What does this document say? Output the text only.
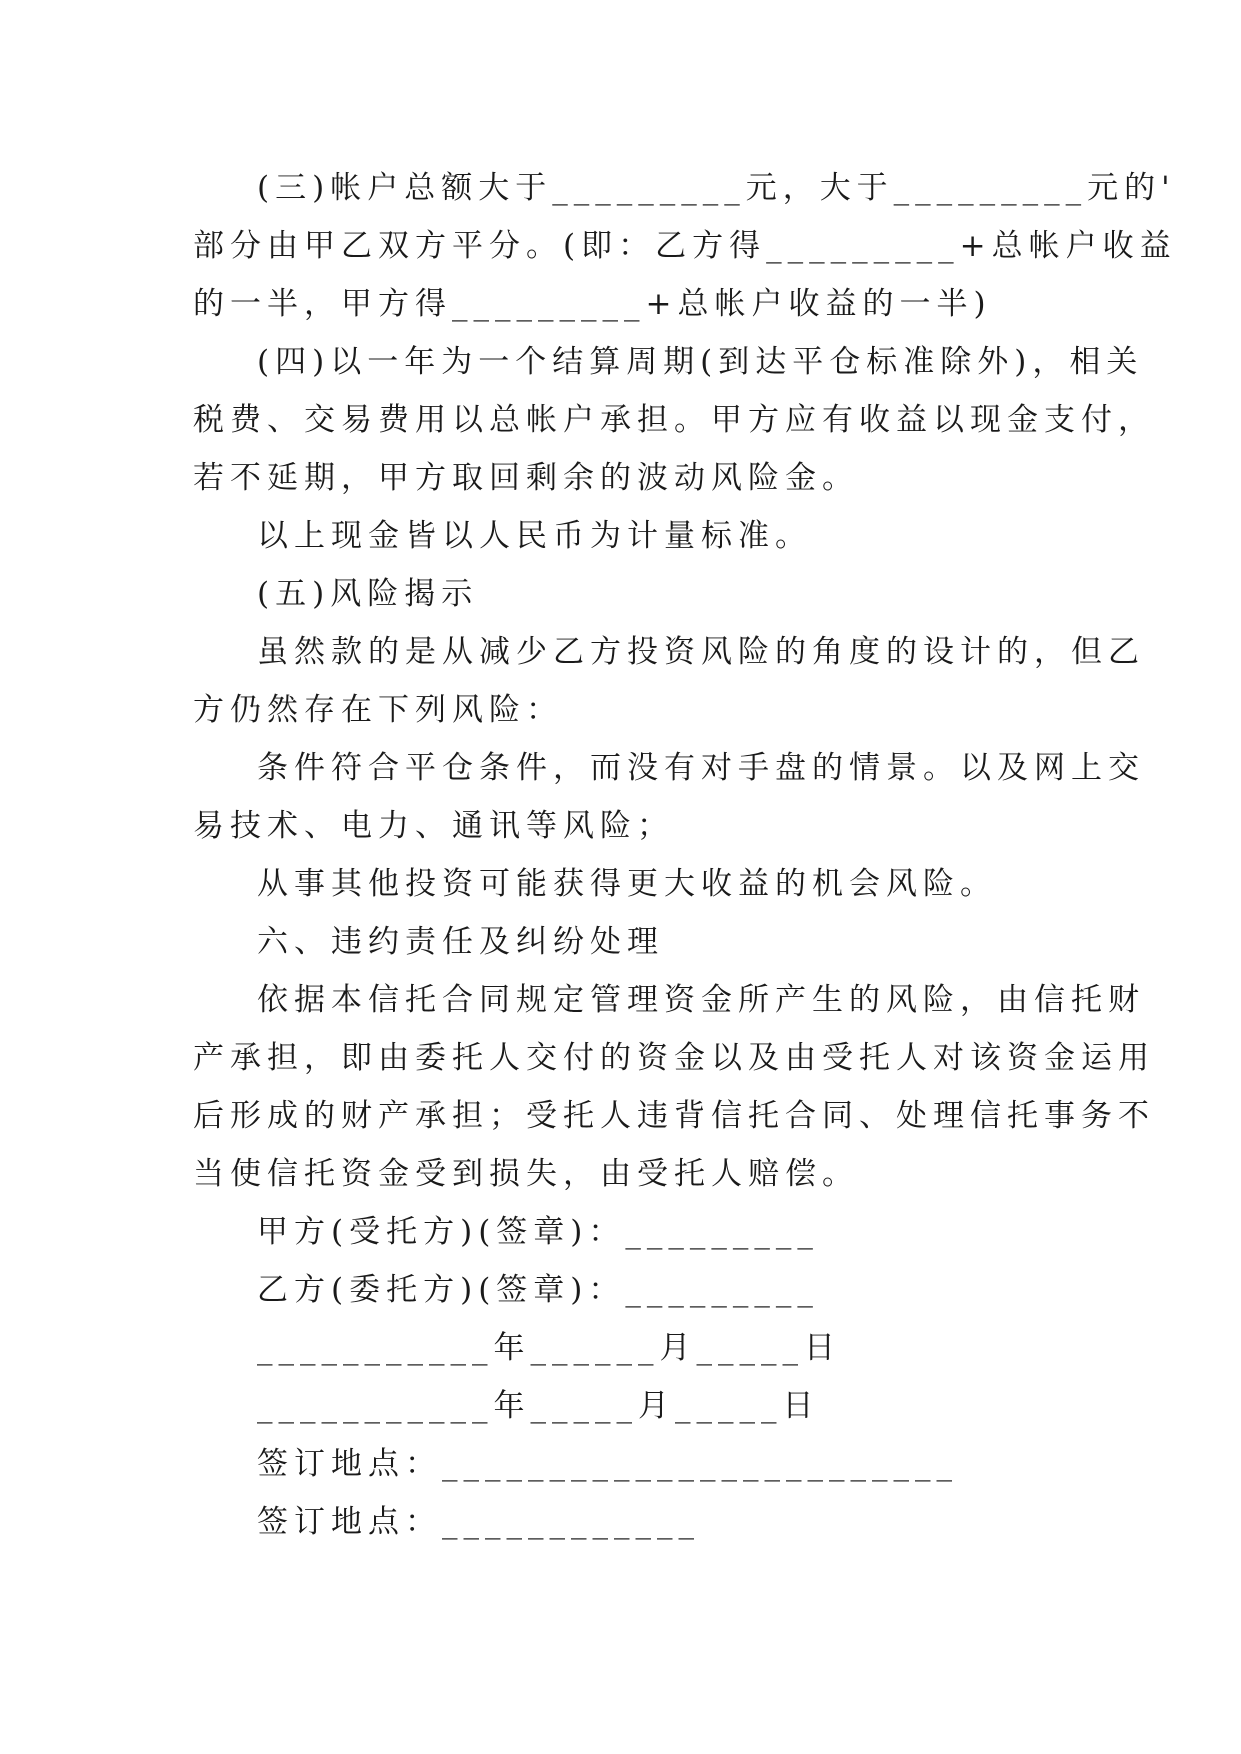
(三)帐户总额大于_________元，大于_________元的'
部分由甲乙双方平分。(即：乙方得_________+总帐户收益
的一半，甲方得_________+总帐户收益的一半)
(四)以一年为一个结算周期(到达平仓标准除外)，相关
税费、交易费用以总帐户承担。甲方应有收益以现金支付，
若不延期，甲方取回剩余的波动风险金。
以上现金皆以人民币为计量标准。
(五)风险揭示
虽然款的是从减少乙方投资风险的角度的设计的，但乙
方仍然存在下列风险：
条件符合平仓条件，而没有对手盘的情景。以及网上交
易技术、电力、通讯等风险；
从事其他投资可能获得更大收益的机会风险。
六、违约责任及纠纷处理
依据本信托合同规定管理资金所产生的风险，由信托财
产承担，即由委托人交付的资金以及由受托人对该资金运用
后形成的财产承担；受托人违背信托合同、处理信托事务不
当使信托资金受到损失，由受托人赔偿。
甲方(受托方)(签章)：_________
乙方(委托方)(签章)：_________
___________年______月_____日
___________年_____月_____日
签订地点：________________________
签订地点：____________
